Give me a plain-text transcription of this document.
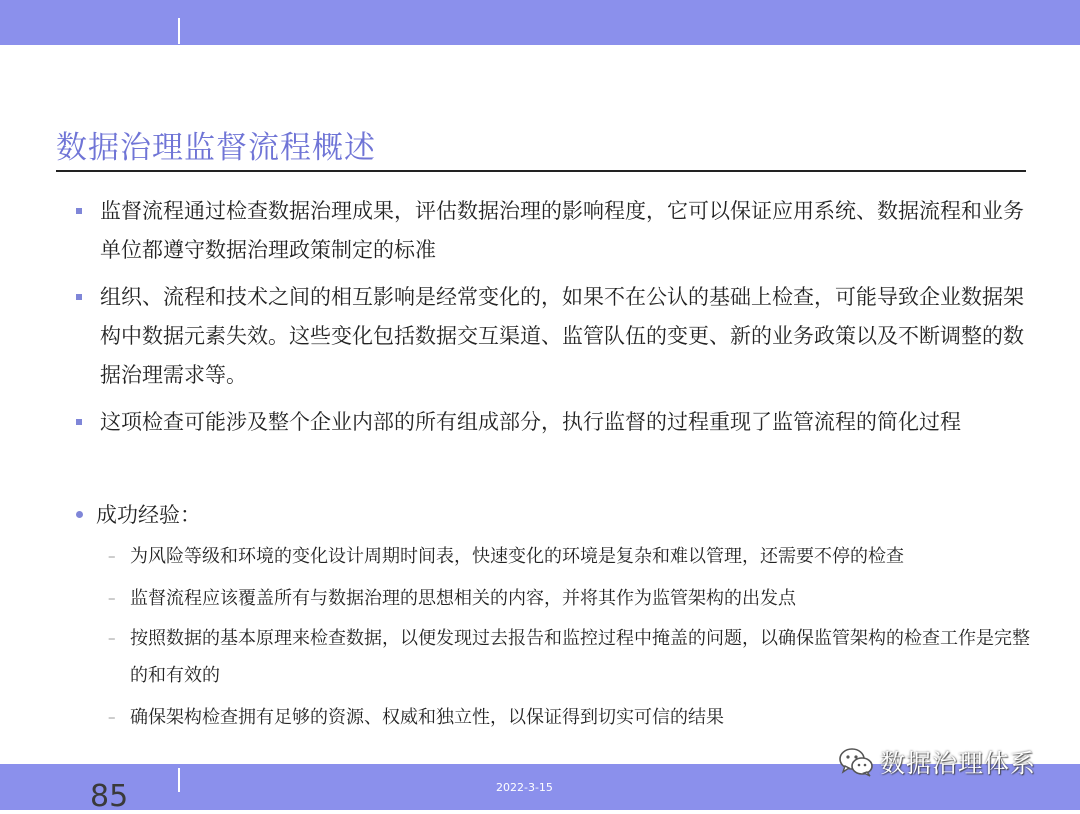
数据治理监督流程概述
监督流程通过检查数据治理成果，评估数据治理的影响程度，它可以保证应用系统、数据流程和业务单位都遵守数据治理政策制定的标准
组织、流程和技术之间的相互影响是经常变化的，如果不在公认的基础上检查，可能导致企业数据架构中数据元素失效。这些变化包括数据交互渠道、监管队伍的变更、新的业务政策以及不断调整的数据治理需求等。
这项检查可能涉及整个企业内部的所有组成部分，执行监督的过程重现了监管流程的简化过程
成功经验：
– 为风险等级和环境的变化设计周期时间表，快速变化的环境是复杂和难以管理，还需要不停的检查
– 监督流程应该覆盖所有与数据治理的思想相关的内容，并将其作为监管架构的出发点
– 按照数据的基本原理来检查数据，以便发现过去报告和监控过程中掩盖的问题，以确保监管架构的检查工作是完整的和有效的
– 确保架构检查拥有足够的资源、权威和独立性，以保证得到切实可信的结果
85	2022-3-15
数据治理体系
